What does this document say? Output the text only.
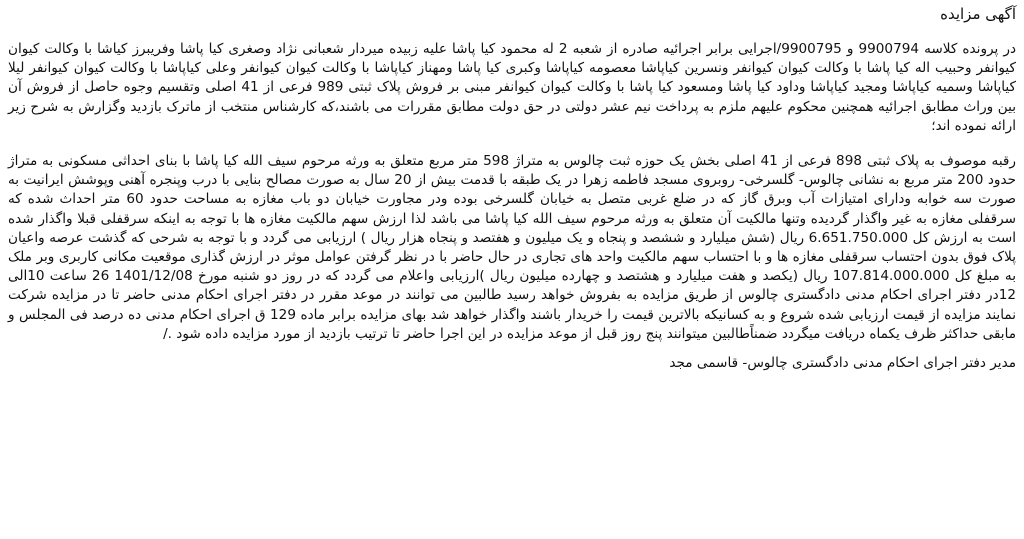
آگهی مزایده

در پرونده کلاسه 9900794 و 9900795/اجرایی برابر اجرائیه صادره از شعبه 2 له محمود کیا پاشا علیه زبیده میردار شعبانی نژاد وصغری کیا پاشا وفریبرز کیاشا با وکالت کیوان کیوانفر وحبیب اله کیا پاشا با وکالت کیوان کیوانفر ونسرین کیاپاشا معصومه کیاپاشا وکبری کیا پاشا ومهناز کیاپاشا با وکالت کیوان کیوانفر وعلی کیاپاشا با وکالت کیوان کیوانفر لیلا کیاپاشا وسمیه کیاپاشا ومجید کیاپاشا وداود کیا پاشا ومسعود کیا پاشا با وکالت کیوان کیوانفر مبنی بر فروش پلاک ثبتی 989 فرعی از 41 اصلی وتقسیم وجوه حاصل از فروش آن بین وراث مطابق اجرائیه همچنین محکوم علیهم ملزم به پرداخت نیم عشر دولتی در حق دولت مطابق مقررات می باشند،که کارشناس منتخب از ماترک بازدید وگزارش به شرح زیر ارائه نموده اند؛

رقبه موصوف به پلاک ثبتی 898 فرعی از 41 اصلی بخش یک حوزه ثبت چالوس به متراژ 598 متر مربع متعلق به ورثه مرحوم سیف الله کیا پاشا با بنای احداثی مسکونی به متراژ حدود 200 متر مربع به نشانی چالوس- گلسرخی- روبروی مسجد فاطمه زهرا در یک طبقه با قدمت بیش از 20 سال به صورت مصالح بنایی با درب وپنجره آهنی وپوشش ایرانیت به صورت سه خوابه ودارای امتیازات آب وبرق گاز که در ضلع غربی متصل به خیابان گلسرخی بوده ودر مجاورت خیابان دو باب مغازه به مساحت حدود 60 متر احداث شده که سرقفلی مغازه به غیر واگذار گردیده وتنها مالکیت آن متعلق به ورثه مرحوم سیف الله کیا پاشا می باشد لذا ارزش سهم مالکیت مغازه ها با توجه به اینکه سرقفلی قبلا واگذار شده است به ارزش کل 6.651.750.000 ریال (شش میلیارد و ششصد و پنجاه و یک میلیون و هفتصد و پنجاه هزار ریال ) ارزیابی می گردد و با توجه به شرحی که گذشت عرصه واعیان پلاک فوق بدون احتساب سرقفلی مغازه ها و با احتساب سهم مالکیت واحد های تجاری در حال حاضر با در نظر گرفتن عوامل موثر در ارزش گذاری موقعیت مکانی کاربری وبر ملک به مبلغ کل 107.814.000.000 ریال (یکصد و هفت میلیارد و هشتصد و چهارده میلیون ریال )ارزیابی واعلام می گردد که در روز دو شنبه مورخ 1401/12/08 26 ساعت 10الی 12در دفتر اجرای احکام مدنی دادگستری چالوس از طریق مزایده به بفروش خواهد رسید طالبین می توانند در موعد مقرر در دفتر اجرای احکام مدنی حاضر تا در مزایده شرکت نمایند مزایده از قیمت ارزیابی شده شروع و به کسانیکه بالاترین قیمت را خریدار باشند واگذار خواهد شد بهای مزایده برابر ماده 129 ق اجرای احکام مدنی ده درصد فی المجلس و مابقی حداکثر ظرف یکماه دریافت میگردد ضمناًطالبین میتوانند پنج روز قبل از موعد مزایده در این اجرا حاضر تا ترتیب بازدید از مورد مزایده داده شود ./

مدیر دفتر اجرای احکام مدنی دادگستری چالوس- قاسمی مجد
